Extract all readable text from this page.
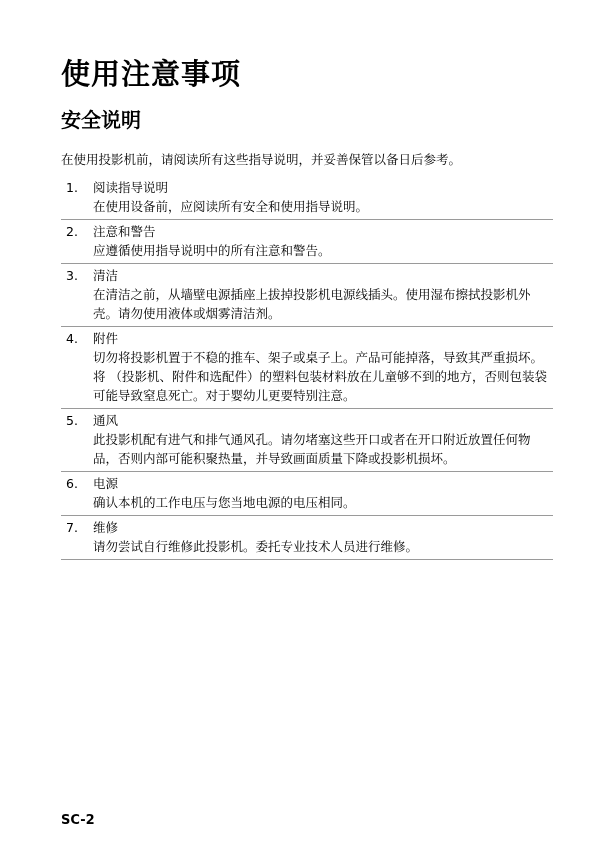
使用注意事项
安全说明

在使用投影机前，请阅读所有这些指导说明，并妥善保管以备日后参考。

1.	阅读指导说明
在使用设备前，应阅读所有安全和使用指导说明。
2.	注意和警告
应遵循使用指导说明中的所有注意和警告。
3.	清洁
在清洁之前，从墙壁电源插座上拔掉投影机电源线插头。使用湿布擦拭投影机外壳。请勿使用液体或烟雾清洁剂。
4.	附件
切勿将投影机置于不稳的推车、架子或桌子上。产品可能掉落，导致其严重损坏。
将 （投影机、附件和选配件）的塑料包装材料放在儿童够不到的地方，否则包装袋可能导致窒息死亡。对于婴幼儿更要特别注意。
5.	通风
此投影机配有进气和排气通风孔。请勿堵塞这些开口或者在开口附近放置任何物品，否则内部可能积聚热量，并导致画面质量下降或投影机损坏。
6.	电源
确认本机的工作电压与您当地电源的电压相同。
7.	维修
请勿尝试自行维修此投影机。委托专业技术人员进行维修。
SC-2
